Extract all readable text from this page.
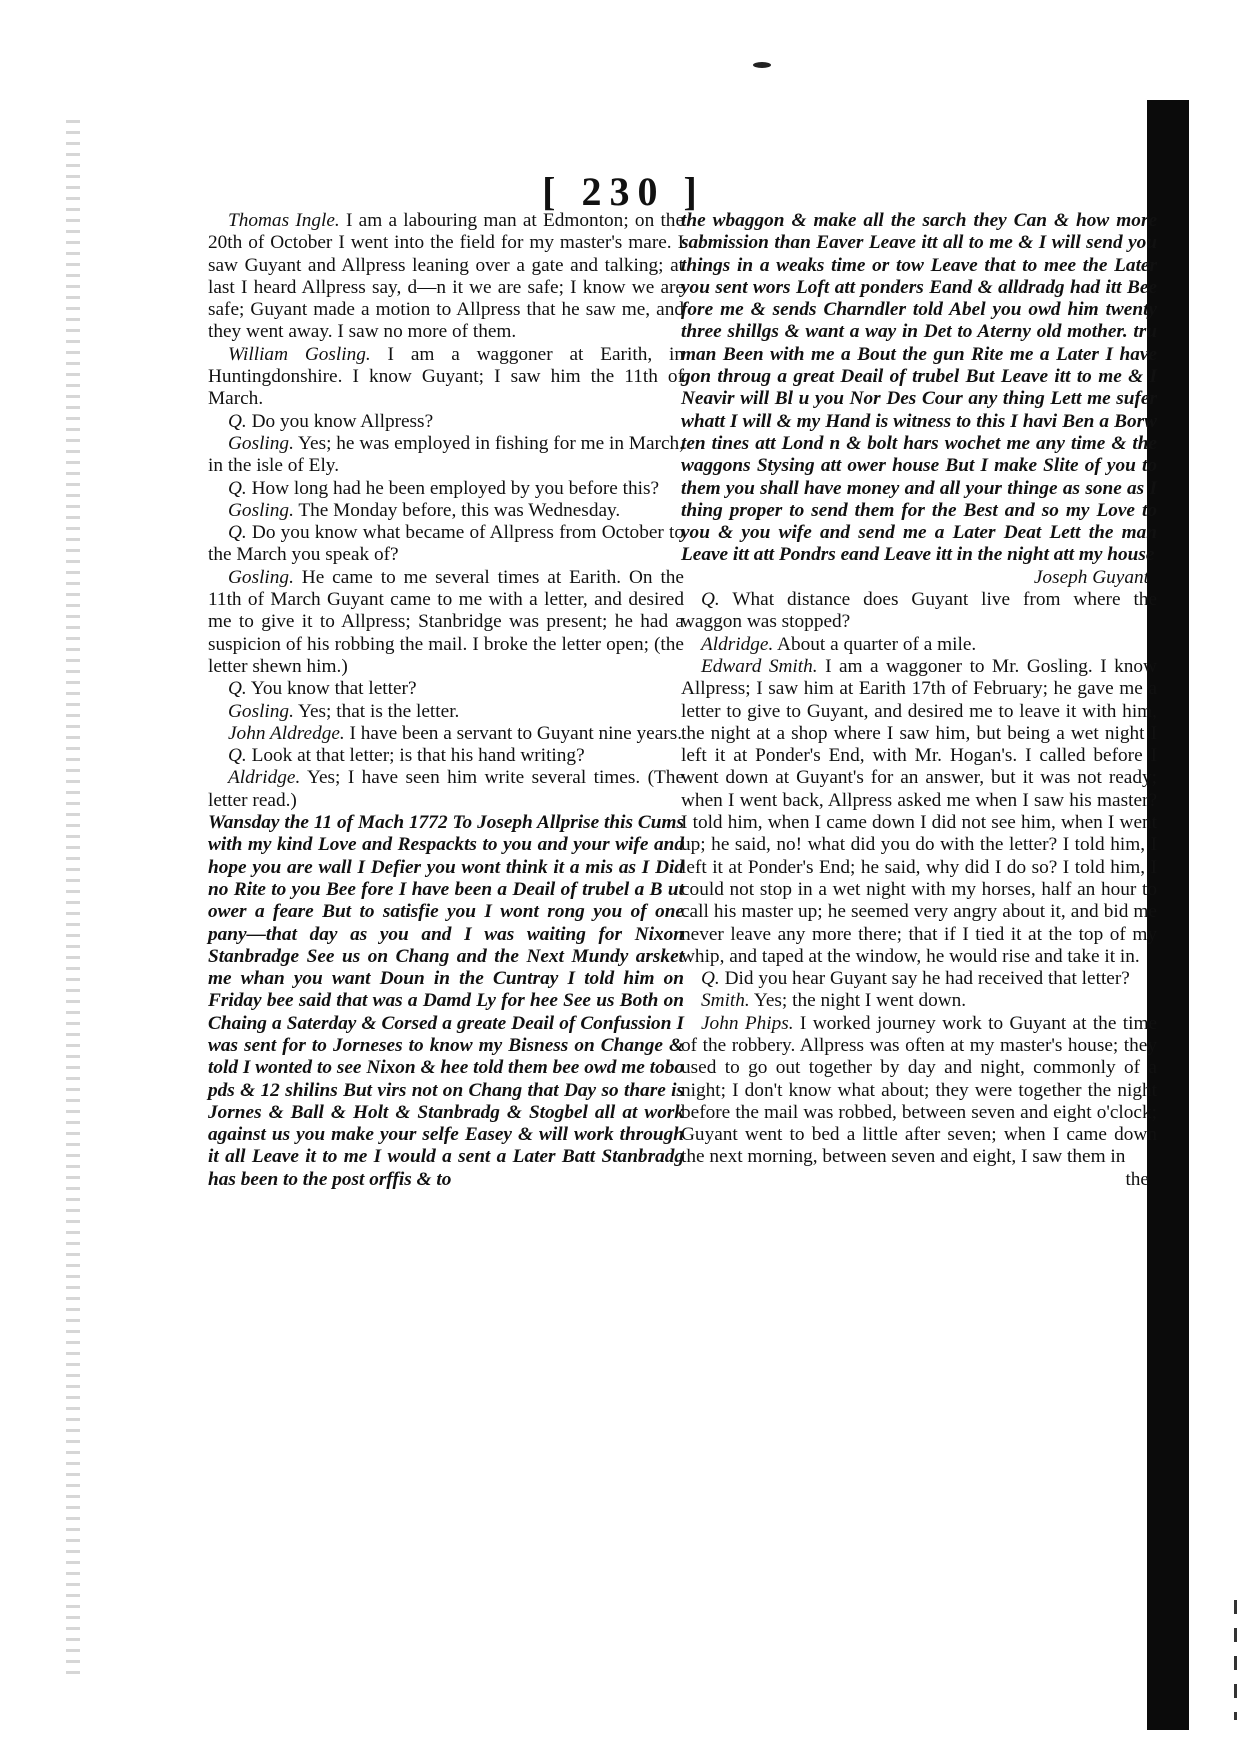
[ 230 ]

Thomas Ingle. I am a labouring man at Edmonton; on the 20th of October I went into the field for my master's mare. I saw Guyant and Allpress leaning over a gate and talking; at last I heard Allpress say, d—n it we are safe; I know we are safe; Guyant made a motion to Allpress that he saw me, and they went away. I saw no more of them.

William Gosling. I am a waggoner at Earith, in Huntingdonshire. I know Guyant; I saw him the 11th of March.

Q. Do you know Allpress?

Gosling. Yes; he was employed in fishing for me in March, in the isle of Ely.

Q. How long had he been employed by you before this?

Gosling. The Monday before, this was Wednesday.

Q. Do you know what became of Allpress from October to the March you speak of?

Gosling. He came to me several times at Earith. On the 11th of March Guyant came to me with a letter, and desired me to give it to Allpress; Stanbridge was present; he had a suspicion of his robbing the mail. I broke the letter open; (the letter shewn him.)

Q. You know that letter?

Gosling. Yes; that is the letter.

John Aldredge. I have been a servant to Guyant nine years.

Q. Look at that letter; is that his hand writing?

Aldridge. Yes; I have seen him write several times. (The letter read.)

Wansday the 11 of Mach 1772 To Joseph Allprise this Cums with my kind Love and Respackts to you and your wife and hope you are wall I Defier you wont think it a mis as I Did no Rite to you Bee fore I have been a Deail of trubel a B ut ower a feare But to satisfie you I wont rong you of one pany—that day as you and I was waiting for Nixon Stanbradge See us on Chang and the Next Mundy arsket me whan you want Doun in the Cuntray I told him on Friday bee said that was a Damd Ly for hee See us Both on Chaing a Saterday & Corsed a greate Deail of Confussion I was sent for to Jorneses to know my Bisness on Change & told I wonted to see Nixon & hee told them bee owd me tobo pds & 12 shilins But virs not on Chang that Day so thare is Jornes & Ball & Holt & Stanbradg & Stogbel all at work against us you make your selfe Easey & will work through it all Leave it to me I would a sent a Later Batt Stanbradg has been to the post orffis & to

the wbaggon & make all the sarch they Can & how more sabmission than Eaver Leave itt all to me & I will send you things in a weaks time or tow Leave that to mee the Later you sent wors Loft att ponders Eand & alldradg had itt Bee fore me & sends Charndler told Abel you owd him twenty three shillgs & want a way in Det to Aterny old mother. tru man Been with me a Bout the gun Rite me a Later I have gon throug a great Deail of trubel But Leave itt to me & I Neavir will Bl u you Nor Des Cour any thing Lett me sufer whatt I will & my Hand is witness to this I havi Ben a Borw ten tines att Lond n & bolt hars wochet me any time & the waggons Stysing att ower house But I make Slite of you to them you shall have money and all your thinge as sone as I thing proper to send them for the Best and so my Love to you & you wife and send me a Later Deat Lett the man Leave itt att Pondrs eand Leave itt in the night att my house

Joseph Guyant

Q. What distance does Guyant live from where the waggon was stopped?

Aldridge. About a quarter of a mile.

Edward Smith. I am a waggoner to Mr. Gosling. I know Allpress; I saw him at Earith 17th of February; he gave me a letter to give to Guyant, and desired me to leave it with him, the night at a shop where I saw him, but being a wet night I left it at Ponder's End, with Mr. Hogan's. I called before I went down at Guyant's for an answer, but it was not ready; when I went back, Allpress asked me when I saw his master? I told him, when I came down I did not see him, when I went up; he said, no! what did you do with the letter? I told him, I left it at Ponder's End; he said, why did I do so? I told him, I could not stop in a wet night with my horses, half an hour to call his master up; he seemed very angry about it, and bid me never leave any more there; that if I tied it at the top of my whip, and taped at the window, he would rise and take it in.

Q. Did you hear Guyant say he had received that letter?

Smith. Yes; the night I went down.

John Phips. I worked journey work to Guyant at the time of the robbery. Allpress was often at my master's house; they used to go out together by day and night, commonly of a night; I don't know what about; they were together the night before the mail was robbed, between seven and eight o'clock; Guyant went to bed a little after seven; when I came down the next morning, between seven and eight, I saw them in

the
